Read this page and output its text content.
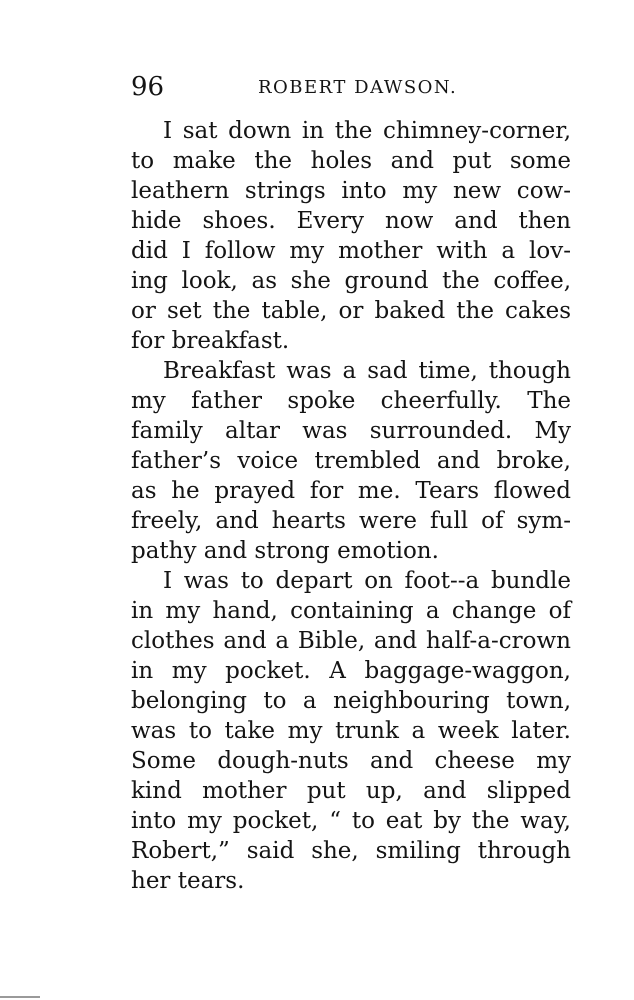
96	ROBERT DAWSON.
I sat down in the chimney-corner,
to make the holes and put some
leathern strings into my new cow-
hide shoes. Every now and then
did I follow my mother with a lov-
ing look, as she ground the coffee,
or set the table, or baked the cakes
for breakfast.
Breakfast was a sad time, though
my father spoke cheerfully. The
family altar was surrounded. My
father’s voice trembled and broke,
as he prayed for me. Tears flowed
freely, and hearts were full of sym-
pathy and strong emotion.
I was to depart on foot--a bundle
in my hand, containing a change of
clothes and a Bible, and half-a-crown
in my pocket. A baggage-waggon,
belonging to a neighbouring town,
was to take my trunk a week later.
Some dough-nuts and cheese my
kind mother put up, and slipped
into my pocket, “ to eat by the way,
Robert,” said she, smiling through
her tears.
